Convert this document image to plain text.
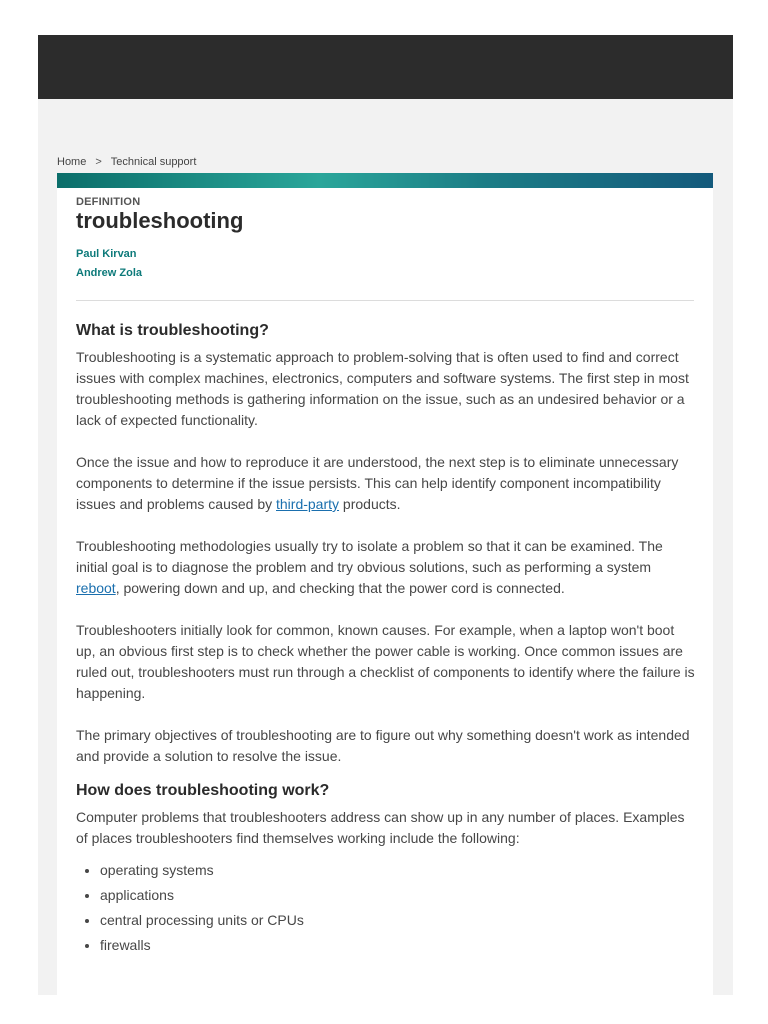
Home > Technical support
DEFINITION
troubleshooting
Paul Kirvan
Andrew Zola
What is troubleshooting?

Troubleshooting is a systematic approach to problem-solving that is often used to find and correct issues with complex machines, electronics, computers and software systems. The first step in most troubleshooting methods is gathering information on the issue, such as an undesired behavior or a lack of expected functionality.

Once the issue and how to reproduce it are understood, the next step is to eliminate unnecessary components to determine if the issue persists. This can help identify component incompatibility issues and problems caused by third-party products.

Troubleshooting methodologies usually try to isolate a problem so that it can be examined. The initial goal is to diagnose the problem and try obvious solutions, such as performing a system reboot, powering down and up, and checking that the power cord is connected.

Troubleshooters initially look for common, known causes. For example, when a laptop won't boot up, an obvious first step is to check whether the power cable is working. Once common issues are ruled out, troubleshooters must run through a checklist of components to identify where the failure is happening.

The primary objectives of troubleshooting are to figure out why something doesn't work as intended and provide a solution to resolve the issue.

How does troubleshooting work?

Computer problems that troubleshooters address can show up in any number of places. Examples of places troubleshooters find themselves working include the following:

• operating systems
• applications
• central processing units or CPUs
• firewalls
